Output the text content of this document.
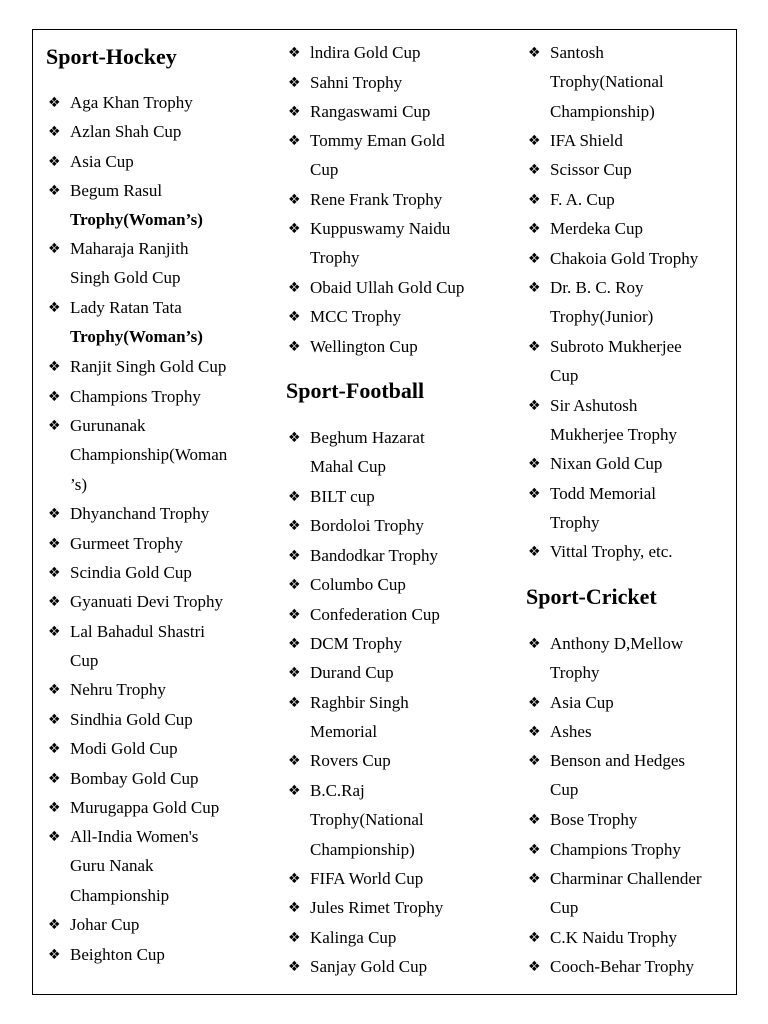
Sport-Hockey
❖ Aga Khan Trophy
❖ Azlan Shah Cup
❖ Asia Cup
❖ Begum Rasul
Trophy(Woman’s)
❖ Maharaja Ranjith
Singh Gold Cup
❖ Lady Ratan Tata
Trophy(Woman’s)
❖ Ranjit Singh Gold Cup
❖ Champions Trophy
❖ Gurunanak
Championship(Woman
’s)
❖ Dhyanchand Trophy
❖ Gurmeet Trophy
❖ Scindia Gold Cup
❖ Gyanuati Devi Trophy
❖ Lal Bahadul Shastri
Cup
❖ Nehru Trophy
❖ Sindhia Gold Cup
❖ Modi Gold Cup
❖ Bombay Gold Cup
❖ Murugappa Gold Cup
❖ All-India Women's
Guru Nanak
Championship
❖ Johar Cup
❖ Beighton Cup
❖ lndira Gold Cup
❖ Sahni Trophy
❖ Rangaswami Cup
❖ Tommy Eman Gold
Cup
❖ Rene Frank Trophy
❖ Kuppuswamy Naidu
Trophy
❖ Obaid Ullah Gold Cup
❖ MCC Trophy
❖ Wellington Cup
Sport-Football
❖ Beghum Hazarat
Mahal Cup
❖ BILT cup
❖ Bordoloi Trophy
❖ Bandodkar Trophy
❖ Columbo Cup
❖ Confederation Cup
❖ DCM Trophy
❖ Durand Cup
❖ Raghbir Singh
Memorial
❖ Rovers Cup
❖ B.C.Raj
Trophy(National
Championship)
❖ FIFA World Cup
❖ Jules Rimet Trophy
❖ Kalinga Cup
❖ Sanjay Gold Cup
❖ Santosh
Trophy(National
Championship)
❖ IFA Shield
❖ Scissor Cup
❖ F. A. Cup
❖ Merdeka Cup
❖ Chakoia Gold Trophy
❖ Dr. B. C. Roy
Trophy(Junior)
❖ Subroto Mukherjee
Cup
❖ Sir Ashutosh
Mukherjee Trophy
❖ Nixan Gold Cup
❖ Todd Memorial
Trophy
❖ Vittal Trophy, etc.
Sport-Cricket
❖ Anthony D,Mellow
Trophy
❖ Asia Cup
❖ Ashes
❖ Benson and Hedges
Cup
❖ Bose Trophy
❖ Champions Trophy
❖ Charminar Challender
Cup
❖ C.K Naidu Trophy
❖ Cooch-Behar Trophy
